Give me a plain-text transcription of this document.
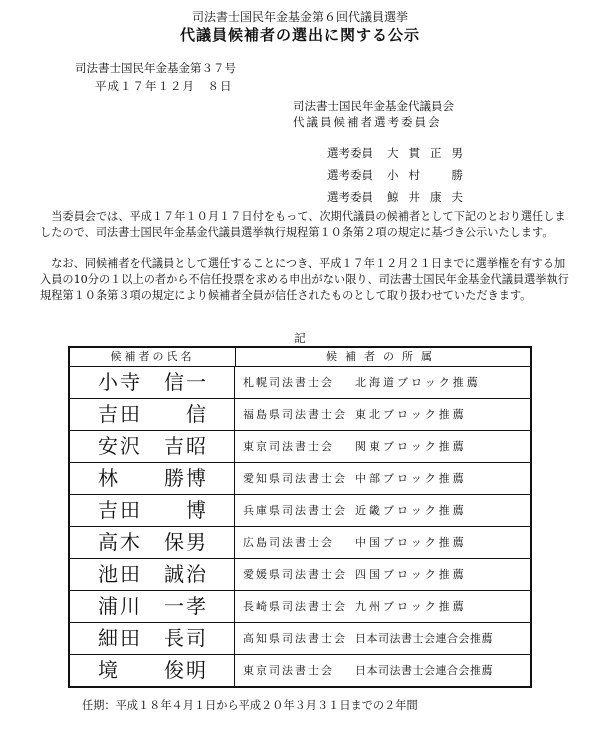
司法書士国民年金基金第６回代議員選挙
代議員候補者の選出に関する公示
司法書士国民年金基金第３７号
平成１７年１２月　８日
司法書士国民年金基金代議員会
代議員候補者選考委員会
選考委員 大貫正男
選考委員 小村　勝
選考委員 鯨井康夫
当委員会では、平成１７年１０月１７日付をもって、次期代議員の候補者として下記のとおり選任しましたので、司法書士国民年金基金代議員選挙執行規程第１０条第２項の規定に基づき公示いたします。
なお、同候補者を代議員として選任することにつき、平成１７年１２月２１日までに選挙権を有する加入員の10分の１以上の者から不信任投票を求める申出がない限り、司法書士国民年金基金代議員選挙執行規程第１０条第３項の規定により候補者全員が信任されたものとして取り扱わせていただきます。
記
候補者の氏名	候補者の所属
小寺　信一	札幌司法書士会	北海道ブロック推薦
吉田　　信	福島県司法書士会 東北ブロック推薦
安沢　吉昭	東京司法書士会	関東ブロック推薦
林　　勝博	愛知県司法書士会 中部ブロック推薦
吉田　　博	兵庫県司法書士会 近畿ブロック推薦
高木　保男	広島司法書士会	中国ブロック推薦
池田　誠治	愛媛県司法書士会 四国ブロック推薦
浦川　一孝	長崎県司法書士会 九州ブロック推薦
細田　長司	高知県司法書士会 日本司法書士会連合会推薦
境　　俊明	東京司法書士会	日本司法書士会連合会推薦
任期：平成１８年４月１日から平成２０年３月３１日までの２年間
